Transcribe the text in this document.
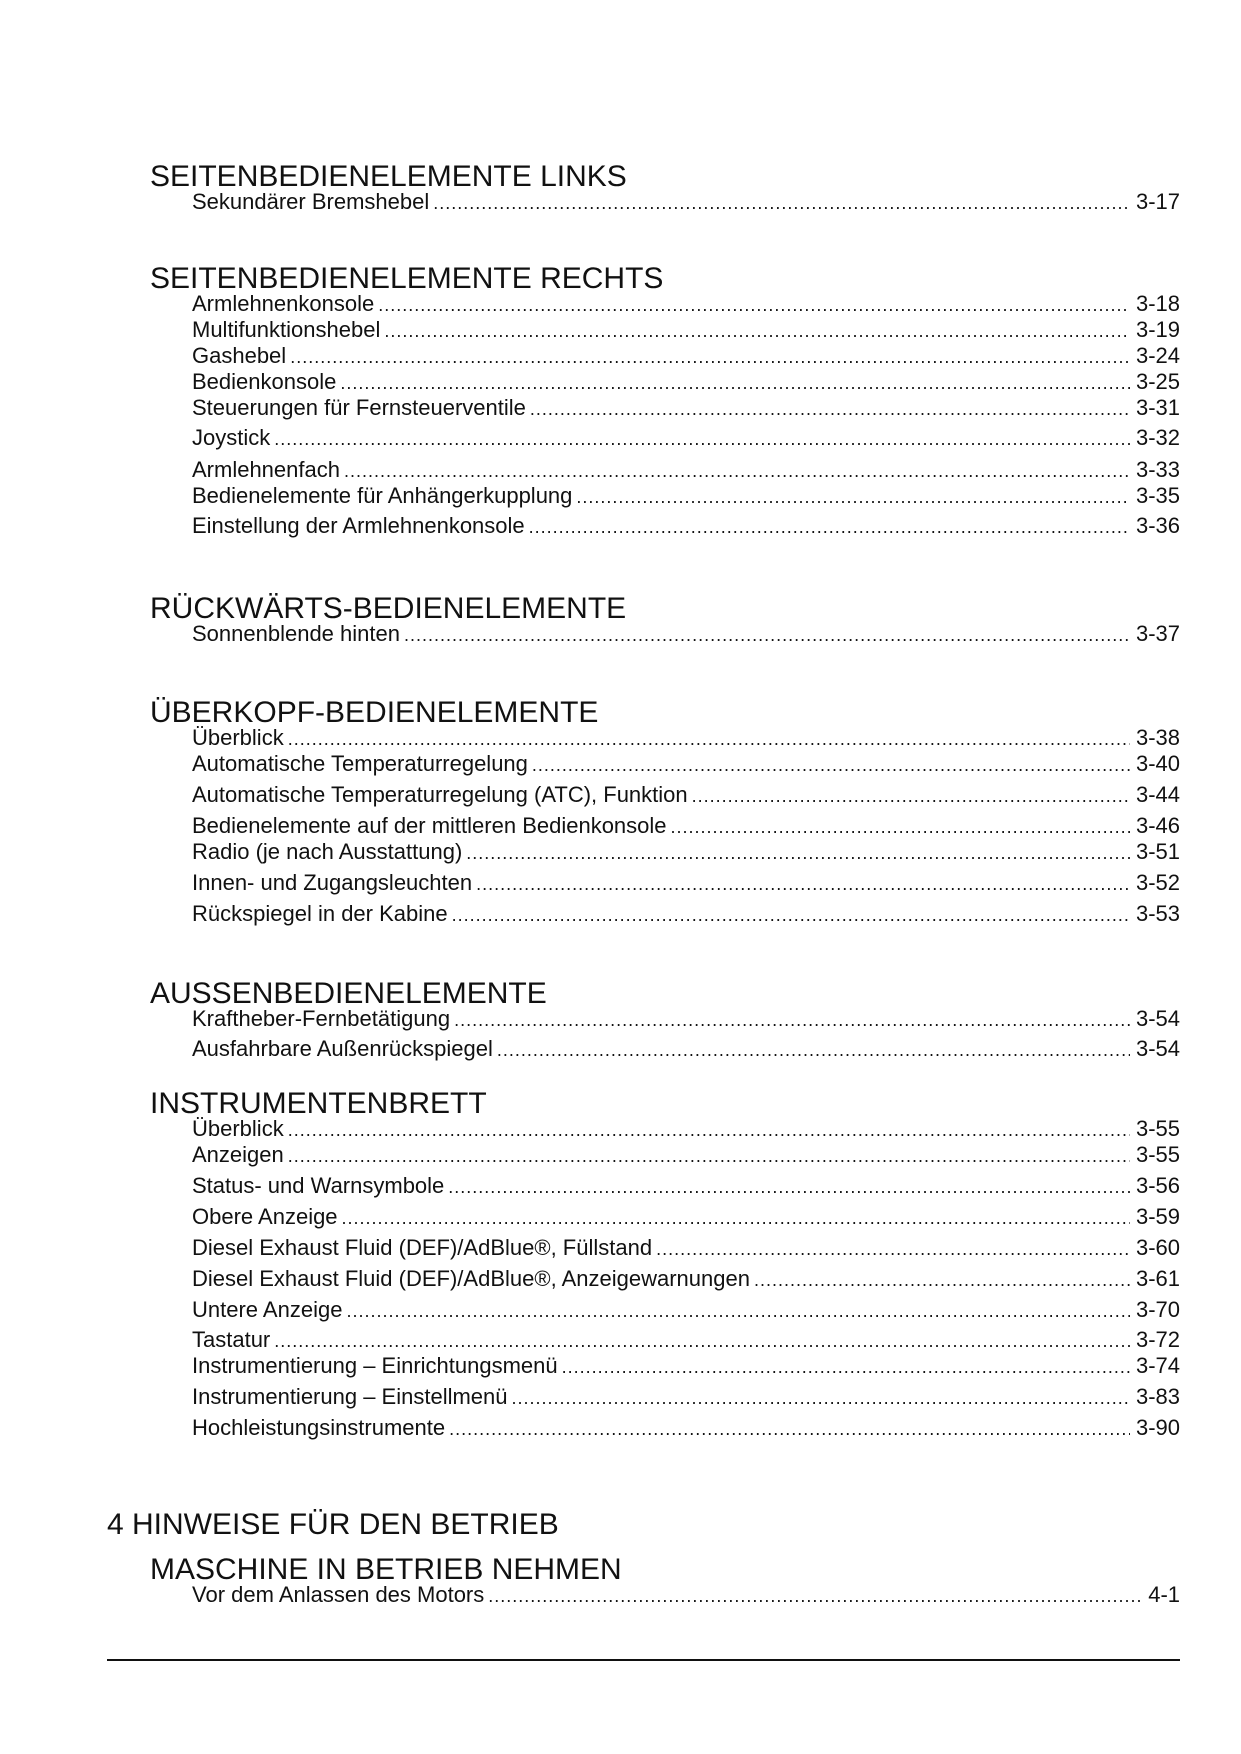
SEITENBEDIENELEMENTE LINKS
Sekundärer Bremshebel . . .	3-17
SEITENBEDIENELEMENTE RECHTS
Armlehnenkonsole . . .	3-18
Multifunktionshebel . . .	3-19
Gashebel . . .	3-24
Bedienkonsole . . .	3-25
Steuerungen für Fernsteuerventile . . .	3-31
Joystick . . .	3-32
Armlehnenfach . . .	3-33
Bedienelemente für Anhängerkupplung . . .	3-35
Einstellung der Armlehnenkonsole . . .	3-36
RÜCKWÄRTS-BEDIENELEMENTE
Sonnenblende hinten . . .	3-37
ÜBERKOPF-BEDIENELEMENTE
Überblick . . .	3-38
Automatische Temperaturregelung . . .	3-40
Automatische Temperaturregelung (ATC), Funktion . . .	3-44
Bedienelemente auf der mittleren Bedienkonsole . . .	3-46
Radio (je nach Ausstattung) . . .	3-51
Innen- und Zugangsleuchten . . .	3-52
Rückspiegel in der Kabine . . .	3-53
AUSSENBEDIENELEMENTE
Kraftheber-Fernbetätigung . . .	3-54
Ausfahrbare Außenrückspiegel . . .	3-54
INSTRUMENTENBRETT
Überblick . . .	3-55
Anzeigen . . .	3-55
Status- und Warnsymbole . . .	3-56
Obere Anzeige . . .	3-59
Diesel Exhaust Fluid (DEF)/AdBlue®, Füllstand . . .	3-60
Diesel Exhaust Fluid (DEF)/AdBlue®, Anzeigewarnungen . . .	3-61
Untere Anzeige . . .	3-70
Tastatur . . .	3-72
Instrumentierung – Einrichtungsmenü . . .	3-74
Instrumentierung – Einstellmenü . . .	3-83
Hochleistungsinstrumente . . .	3-90
4 HINWEISE FÜR DEN BETRIEB
MASCHINE IN BETRIEB NEHMEN
Vor dem Anlassen des Motors . . .	4-1
